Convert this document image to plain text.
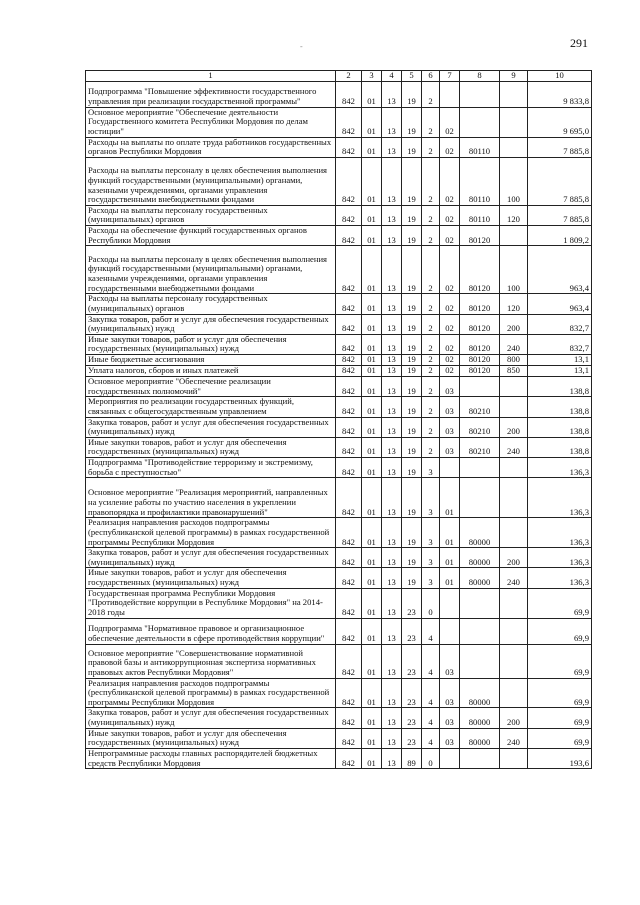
291
-
1	2	3	4	5	6	7	8	9	10
Подпрограмма "Повышение эффективности государственного управления при реализации государственной программы"	842	01	13	19	2				9 833,8
Основное мероприятие "Обеспечение деятельности Государственного комитета Республики Мордовия по делам юстиции"	842	01	13	19	2	02			9 695,0
Расходы на выплаты по оплате труда работников государственных органов Республики Мордовия	842	01	13	19	2	02	80110		7 885,8
Расходы на выплаты персоналу в целях обеспечения выполнения функций государственными (муниципальными) органами, казенными учреждениями, органами управления государственными внебюджетными фондами	842	01	13	19	2	02	80110	100	7 885,8
Расходы на выплаты персоналу государственных (муниципальных) органов	842	01	13	19	2	02	80110	120	7 885,8
Расходы на обеспечение функций государственных органов Республики Мордовия	842	01	13	19	2	02	80120		1 809,2
Расходы на выплаты персоналу в целях обеспечения выполнения функций государственными (муниципальными) органами, казенными учреждениями, органами управления государственными внебюджетными фондами	842	01	13	19	2	02	80120	100	963,4
Расходы на выплаты персоналу государственных (муниципальных) органов	842	01	13	19	2	02	80120	120	963,4
Закупка товаров, работ и услуг для обеспечения государственных (муниципальных) нужд	842	01	13	19	2	02	80120	200	832,7
Иные закупки товаров, работ и услуг для обеспечения государственных (муниципальных) нужд	842	01	13	19	2	02	80120	240	832,7
Иные бюджетные ассигнования	842	01	13	19	2	02	80120	800	13,1
Уплата налогов, сборов и иных платежей	842	01	13	19	2	02	80120	850	13,1
Основное мероприятие "Обеспечение реализации государственных полномочий"	842	01	13	19	2	03			138,8
Мероприятия по реализации государственных функций, связанных с общегосударственным управлением	842	01	13	19	2	03	80210		138,8
Закупка товаров, работ и услуг для обеспечения государственных (муниципальных) нужд	842	01	13	19	2	03	80210	200	138,8
Иные закупки товаров, работ и услуг для обеспечения государственных (муниципальных) нужд	842	01	13	19	2	03	80210	240	138,8
Подпрограмма "Противодействие терроризму и экстремизму, борьба с преступностью"	842	01	13	19	3				136,3
Основное мероприятие "Реализация мероприятий, направленных на усиление работы по участию населения в укреплении правопорядка и профилактики правонарушений"	842	01	13	19	3	01			136,3
Реализация направления расходов подпрограммы (республиканской целевой программы) в рамках государственной программы Республики Мордовия	842	01	13	19	3	01	80000		136,3
Закупка товаров, работ и услуг для обеспечения государственных (муниципальных) нужд	842	01	13	19	3	01	80000	200	136,3
Иные закупки товаров, работ и услуг для обеспечения государственных (муниципальных) нужд	842	01	13	19	3	01	80000	240	136,3
Государственная программа Республики Мордовия "Противодействие коррупции в Республике Мордовия" на 2014-2018 годы	842	01	13	23	0				69,9
Подпрограмма "Нормативное правовое и организационное обеспечение деятельности в сфере противодействия коррупции"	842	01	13	23	4				69,9
Основное мероприятие "Совершенствование нормативной правовой базы и антикоррупционная экспертиза нормативных правовых актов Республики Мордовия"	842	01	13	23	4	03			69,9
Реализация направления расходов подпрограммы (республиканской целевой программы) в рамках государственной программы Республики Мордовия	842	01	13	23	4	03	80000		69,9
Закупка товаров, работ и услуг для обеспечения государственных (муниципальных) нужд	842	01	13	23	4	03	80000	200	69,9
Иные закупки товаров, работ и услуг для обеспечения государственных (муниципальных) нужд	842	01	13	23	4	03	80000	240	69,9
Непрограммные расходы главных распорядителей бюджетных средств Республики Мордовия	842	01	13	89	0				193,6
